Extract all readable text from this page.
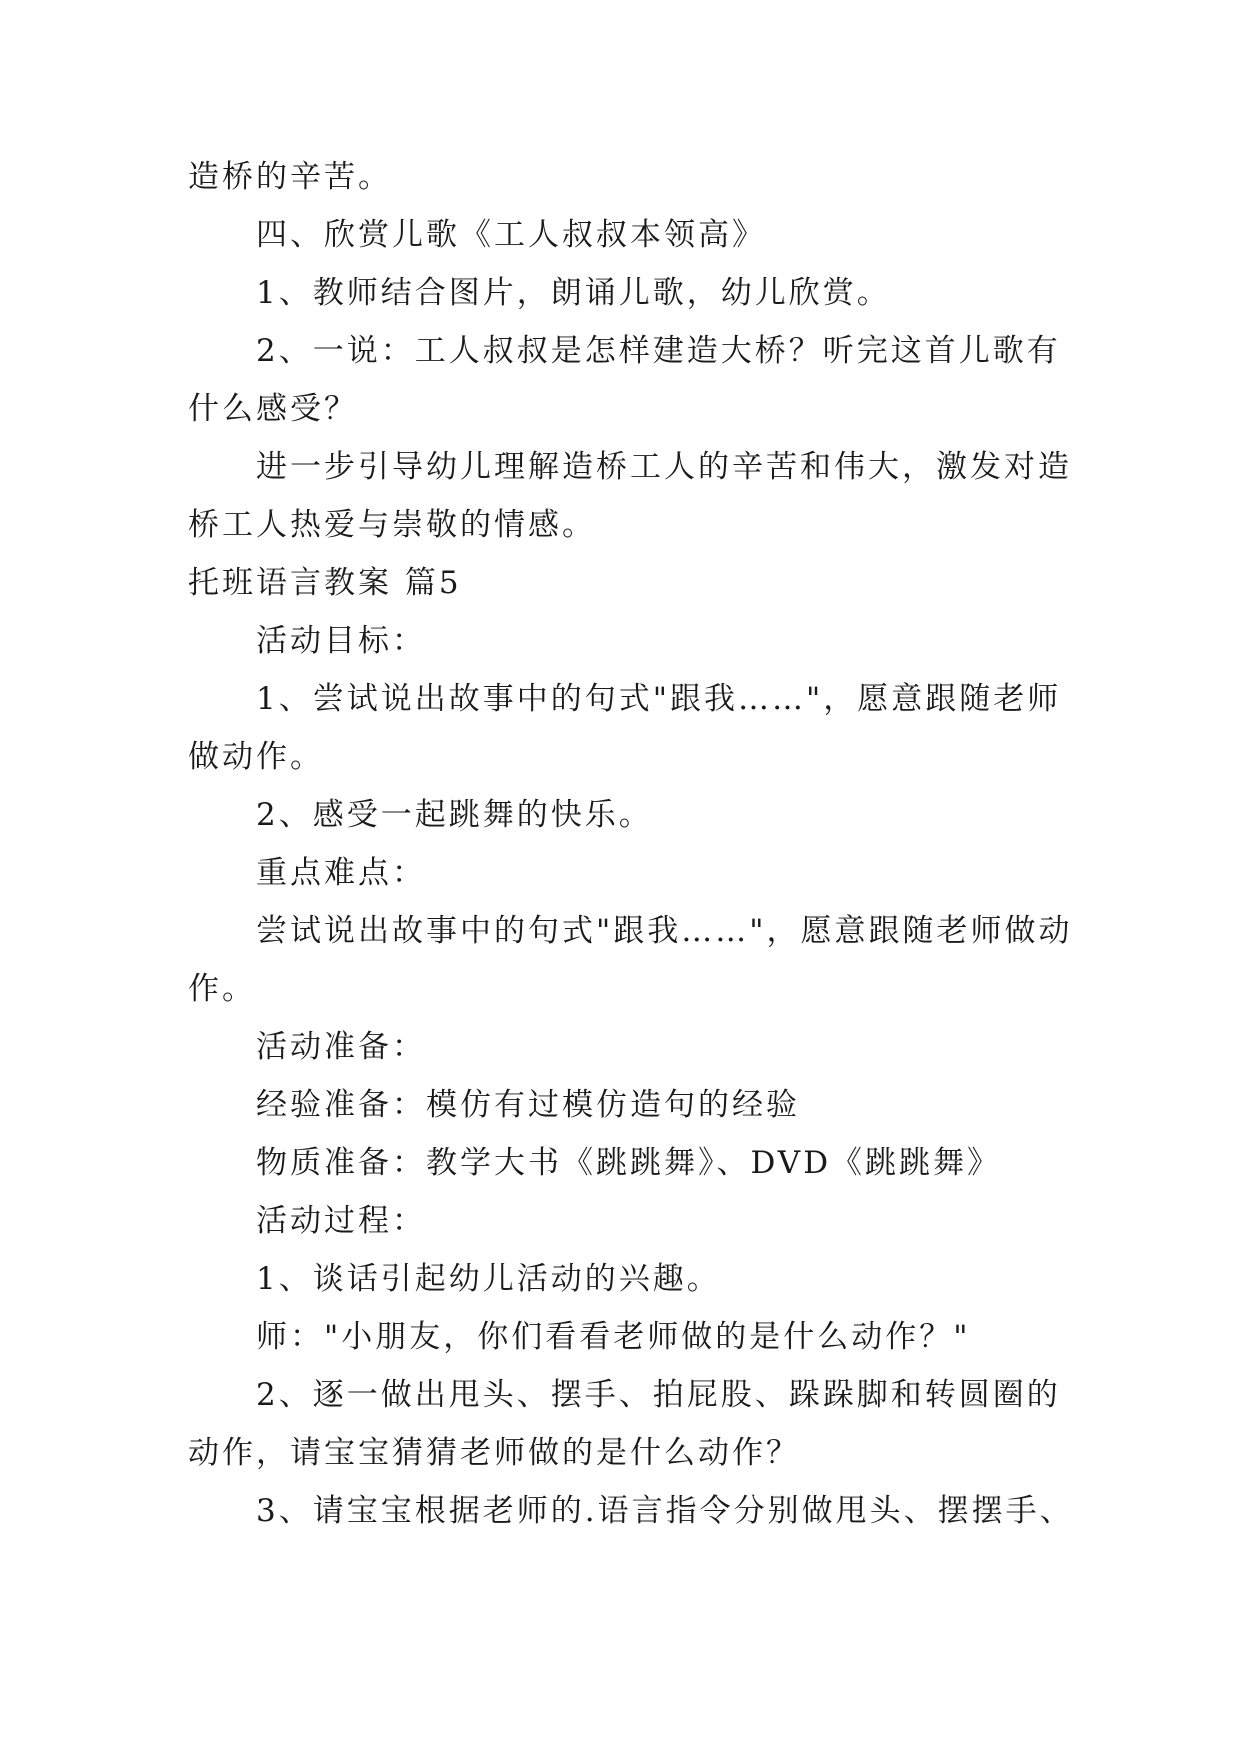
造桥的辛苦。
四、欣赏儿歌《工人叔叔本领高》
1、教师结合图片，朗诵儿歌，幼儿欣赏。
2、一说：工人叔叔是怎样建造大桥？听完这首儿歌有
什么感受？
进一步引导幼儿理解造桥工人的辛苦和伟大，激发对造
桥工人热爱与崇敬的情感。
托班语言教案 篇5
活动目标：
1、尝试说出故事中的句式"跟我……"，愿意跟随老师
做动作。
2、感受一起跳舞的快乐。
重点难点：
尝试说出故事中的句式"跟我……"，愿意跟随老师做动
作。
活动准备：
经验准备：模仿有过模仿造句的经验
物质准备：教学大书《跳跳舞》、DVD《跳跳舞》
活动过程：
1、谈话引起幼儿活动的兴趣。
师："小朋友，你们看看老师做的是什么动作？"
2、逐一做出甩头、摆手、拍屁股、跺跺脚和转圆圈的
动作，请宝宝猜猜老师做的是什么动作？
3、请宝宝根据老师的.语言指令分别做甩头、摆摆手、
